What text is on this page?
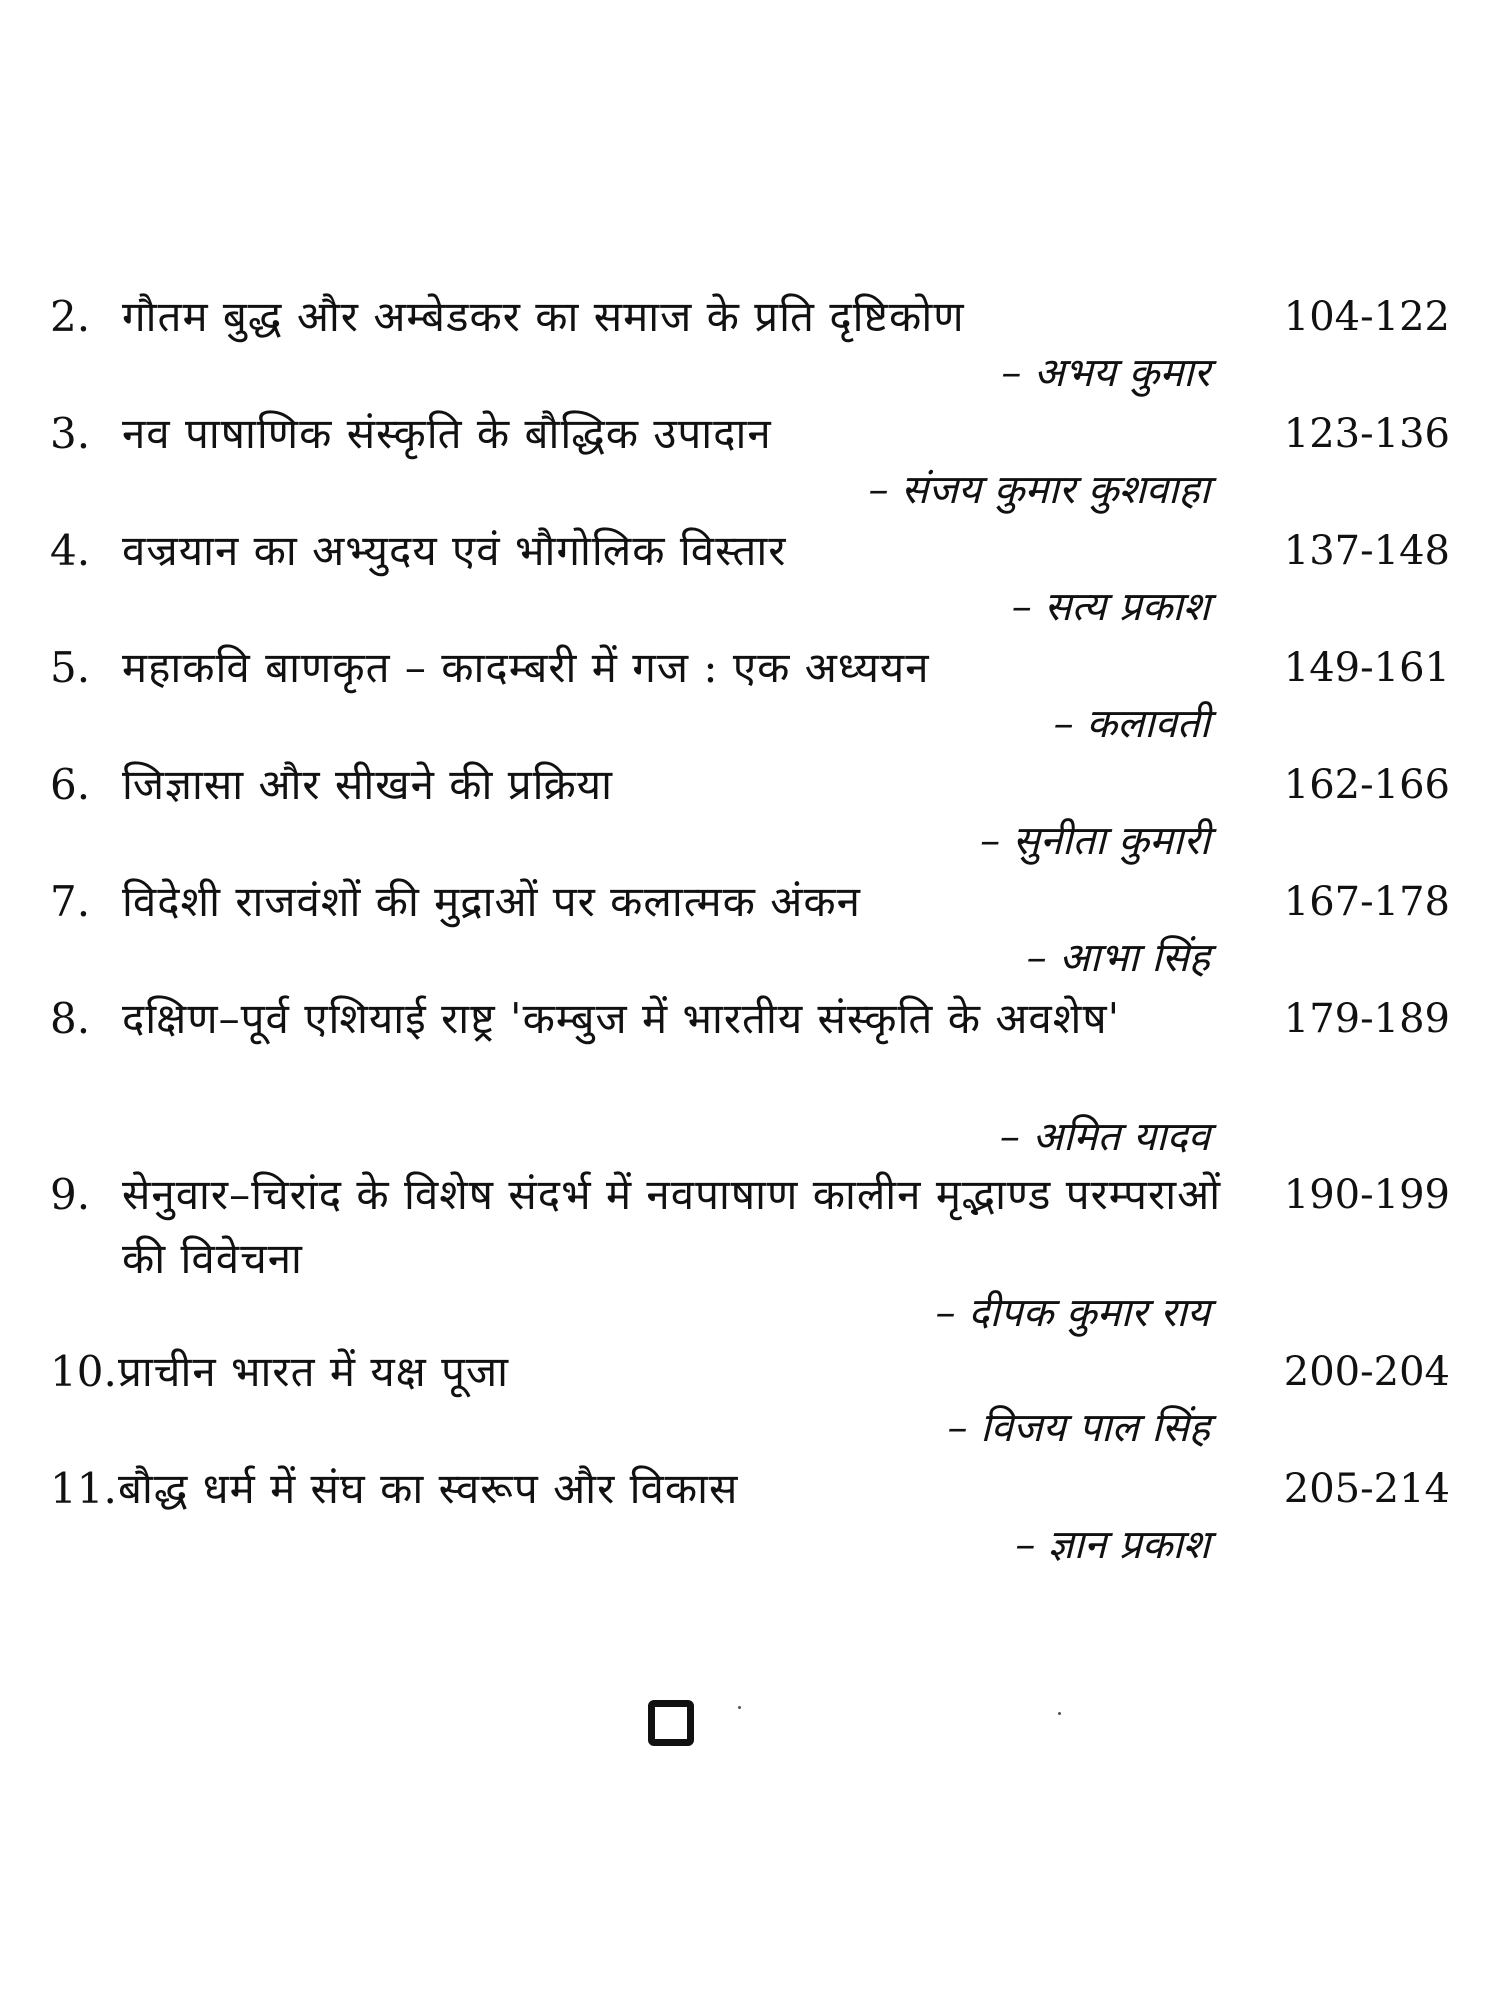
2. गौतम बुद्ध और अम्बेडकर का समाज के प्रति दृष्टिकोण	104-122
– अभय कुमार
3. नव पाषाणिक संस्कृति के बौद्धिक उपादान	123-136
– संजय कुमार कुशवाहा
4. वज्रयान का अभ्युदय एवं भौगोलिक विस्तार	137-148
– सत्य प्रकाश
5. महाकवि बाणकृत – कादम्बरी में गज : एक अध्ययन	149-161
– कलावती
6. जिज्ञासा और सीखने की प्रक्रिया	162-166
– सुनीता कुमारी
7. विदेशी राजवंशों की मुद्राओं पर कलात्मक अंकन	167-178
– आभा सिंह
8. दक्षिण–पूर्व एशियाई राष्ट्र 'कम्बुज में भारतीय संस्कृति के अवशेष'	179-189
– अमित यादव
9. सेनुवार–चिरांद के विशेष संदर्भ में नवपाषाण कालीन मृद्भाण्ड परम्पराओं की विवेचना
190-199
– दीपक कुमार राय
10. प्राचीन भारत में यक्ष पूजा	200-204
– विजय पाल सिंह
11. बौद्ध धर्म में संघ का स्वरूप और विकास	205-214
– ज्ञान प्रकाश
